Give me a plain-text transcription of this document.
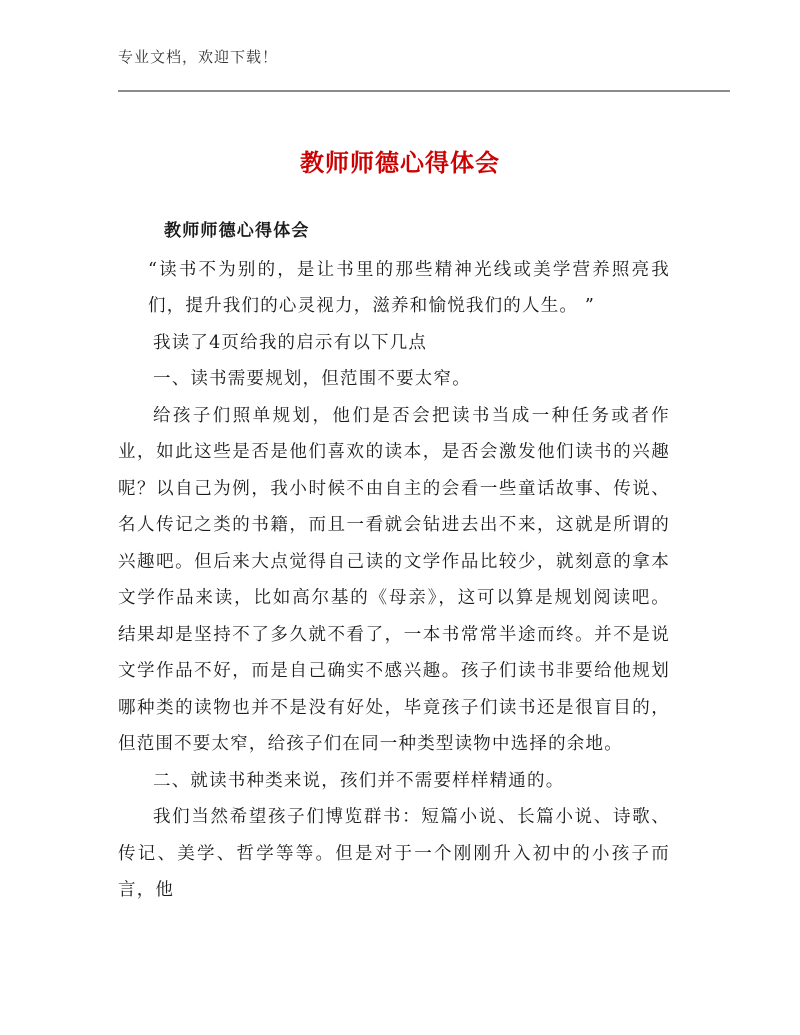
专业文档，欢迎下载！
教师师德心得体会

教师师德心得体会

“读书不为别的，是让书里的那些精神光线或美学营养照亮我们，提升我们的心灵视力，滋养和愉悦我们的人生。 ”

我读了4页给我的启示有以下几点

一、读书需要规划，但范围不要太窄。

给孩子们照单规划，他们是否会把读书当成一种任务或者作业，如此这些是否是他们喜欢的读本，是否会激发他们读书的兴趣呢？以自己为例，我小时候不由自主的会看一些童话故事、传说、名人传记之类的书籍，而且一看就会钻进去出不来，这就是所谓的兴趣吧。但后来大点觉得自己读的文学作品比较少，就刻意的拿本文学作品来读，比如高尔基的《母亲》，这可以算是规划阅读吧。结果却是坚持不了多久就不看了，一本书常常半途而终。并不是说文学作品不好，而是自己确实不感兴趣。孩子们读书非要给他规划哪种类的读物也并不是没有好处，毕竟孩子们读书还是很盲目的，但范围不要太窄，给孩子们在同一种类型读物中选择的余地。

二、就读书种类来说，孩们并不需要样样精通的。

我们当然希望孩子们博览群书：短篇小说、长篇小说、诗歌、传记、美学、哲学等等。但是对于一个刚刚升入初中的小孩子而言，他
